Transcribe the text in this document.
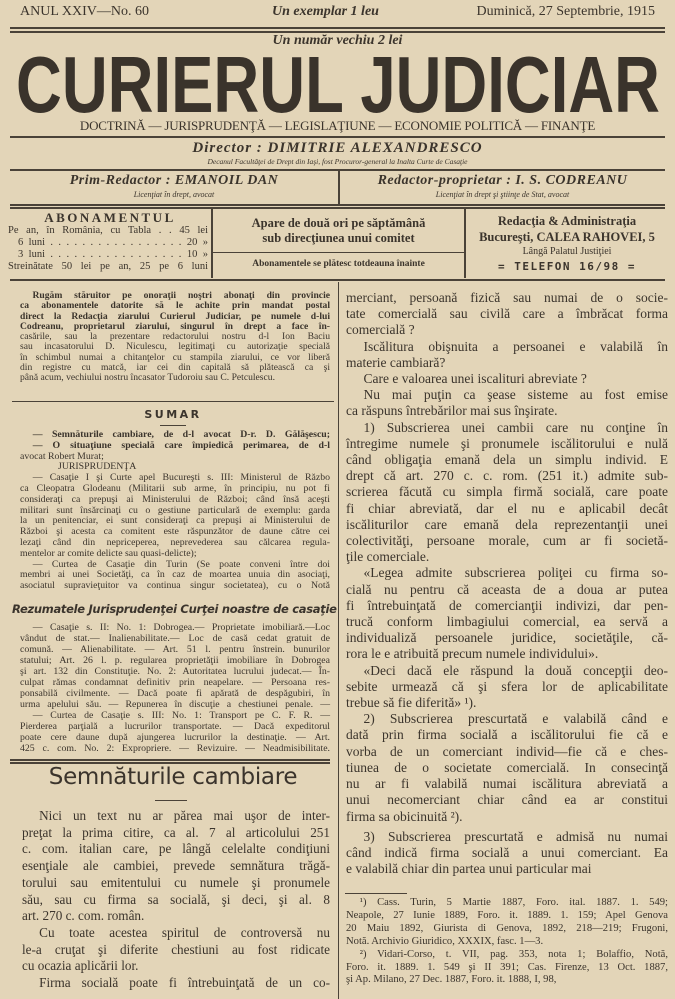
ANUL XXIV—No. 60	Un exemplar 1 leu	Duminică, 27 Septembrie, 1915
Un număr vechiu 2 lei
CURIERUL JUDICIAR
DOCTRINĂ — JURISPRUDENŢĂ — LEGISLAŢIUNE — ECONOMIE POLITICĂ — FINANŢE
Director : DIMITRIE ALEXANDRESCO
Decanul Facultăţei de Drept din Iaşi, fost Procuror-general la Inalta Curte de Casaţie
Prim-Redactor : EMANOIL DAN
Licenţiat în drept, avocat
Redactor-proprietar : I. S. CODREANU
Licenţiat în drept şi ştiinţe de Stat, avocat
ABONAMENTUL
Pe an, în România, cu Tabla . . 45 lei
6 luni . . . . . . . . . . . . . . . . . 20 »
3 luni . . . . . . . . . . . . . . . . . 10 »
Streinătate 50 lei pe an, 25 pe 6 luni
Apare de două ori pe săptămână
sub direcţiunea unui comitet
Abonamentele se plătesc totdeauna înainte
Redacţia & Administraţia
Bucureşti, CALEA RAHOVEI, 5
Lângă Palatul Justiţiei
= TELEFON 16/98 =
Rugăm stăruitor pe onoraţii noştri abonaţi din provincie
ca abonamentele datorite să le achite prin mandat postal
direct la Redacţia ziarului Curierul Judiciar, pe numele d-lui
Codreanu, proprietarul ziarului, singurul în drept a face în-
casările, sau la prezentare redactorului nostru d-l Ion Baciu
sau incasatorului D. Niculescu, legitimaţi cu autorizaţie specială
în schimbul numai a chitanţelor cu stampila ziarului, ce vor liberă
din registre cu matcă, iar cei din capitală să plătească ca şi
până acum, vechiului nostru încasator Tudoroiu sau C. Petculescu.
SUMAR
— Semnăturile cambiare, de d-l avocat D-r. D. Gălăşescu;
— O situaţiune specială care împiedică perimarea, de d-l
avocat Robert Murat;
JURISPRUDENŢA
— Casaţie I şi Curte apel Bucureşti s. III: Ministerul de Războ
ca Cleopatra Glodeanu (Militarii sub arme, în principiu, nu pot fi
consideraţi ca prepuşi ai Ministerului de Război; când însă aceşti
militari sunt însărcinaţi cu o gestiune particulară de exemplu: garda
la un penitenciar, ei sunt consideraţi ca prepuşi ai Ministerului de
Război şi acesta ca comitent este răspunzător de daune către cei
lezaţi când din nepriceperea, neprevederea sau călcarea regula-
mentelor ar comite delicte sau quasi-delicte);
— Curtea de Casaţie din Turin (Se poate conveni între doi
membri ai unei Societăţi, ca în caz de moartea unuia din asociaţi,
asociatul supravieţuitor va continua singur societatea), cu o Notă
Rezumatele Jurisprudenţei Curţei noastre de casaţie
— Casaţie s. II: No. 1: Dobrogea.— Proprietate imobiliară.—Loc
vândut de stat.— Inalienabilitate.— Loc de casă cedat gratuit de
comună. — Alienabilitate. — Art. 51 l. pentru înstrein. bunurilor
statului; Art. 26 l. p. regularea proprietăţii imobiliare în Dobrogea
şi art. 132 din Constituţie. No. 2: Autoritatea lucrului judecat.— În-
culpat rămas condamnat definitiv prin neapelare. — Persoana res-
ponsabilă civilmente. — Dacă poate fi apărată de despăgubiri, în
urma apelului său. — Repunerea în discuţie a chestiunei penale. —
— Curtea de Casaţie s. III: No. 1: Transport pe C. F. R. —
Pierderea parţială a lucrurilor transportate. — Dacă expeditorul
poate cere daune după ajungerea lucrurilor la destinaţie. — Art.
425 c. com. No. 2: Expropriere. — Revizuire. — Neadmisibilitate.
Semnăturile cambiare
Nici un text nu ar părea mai uşor de inter-
preţat la prima citire, ca al. 7 al articolului 251
c. com. italian care, pe lângă celelalte condiţiuni
esenţiale ale cambiei, prevede semnătura trăgă-
torului sau emitentului cu numele şi pronumele
său, sau cu firma sa socială, şi deci, şi al. 8
art. 270 c. com. român.
Cu toate acestea spiritul de controversă nu
le-a cruţat şi diferite chestiuni au fost ridicate
cu ocazia aplicării lor.
Firma socială poate fi întrebuinţată de un co-
merciant, persoană fizică sau numai de o socie-
tate comercială sau civilă care a îmbrăcat forma
comercială ?
Iscălitura obişnuita a persoanei e valabilă în
materie cambiară?
Care e valoarea unei iscalituri abreviate ?
Nu mai puţin ca şease sisteme au fost emise
ca răspuns întrebărilor mai sus înşirate.
1) Subscrierea unei cambii care nu conţine în
întregime numele şi pronumele iscălitorului e nulă
când obligaţia emană dela un simplu individ. E
drept că art. 270 c. c. rom. (251 it.) admite sub-
scrierea făcută cu simpla firmă socială, care poate
fi chiar abreviată, dar el nu e aplicabil decât
iscăliturilor care emană dela reprezentanţii unei
colectivităţi, persoane morale, cum ar fi societă-
ţile comerciale.
«Legea admite subscrierea poliţei cu firma so-
cială nu pentru că aceasta de a doua ar putea
fi întrebuinţată de comercianţii indivizi, dar pen-
trucă conform limbagiului comercial, ea servă a
individualiză persoanele juridice, societăţile, că-
rora le e atribuită precum numele individului».
«Deci dacă ele răspund la două concepţii deo-
sebite urmează că şi sfera lor de aplicabilitate
trebue să fie diferită» ¹).
2) Subscrierea prescurtată e valabilă când e
dată prin firma socială a iscălitorului fie că e
vorba de un comerciant individ—fie că e ches-
tiunea de o societate comercială. In consecinţă
nu ar fi valabilă numai iscălitura abreviată a
unui necomerciant chiar când ea ar constitui
firma sa obicinuită ²).
3) Subscrierea prescurtată e admisă nu numai
când indică firma socială a unui comerciant. Ea
e valabilă chiar din partea unui particular mai
¹) Cass. Turin, 5 Martie 1887, Foro. ital. 1887. 1. 549;
Neapole, 27 Iunie 1889, Foro. it. 1889. 1. 159; Apel Genova
20 Maiu 1892, Giurista di Genova, 1892, 218—219; Frugoni,
Notă. Archivio Giuridico, XXXIX, fasc. 1—3.
²) Vidari-Corso, t. VII, pag. 353, nota 1; Bolaffio, Notă,
Foro. it. 1889. 1. 549 şi II 391; Cas. Firenze, 13 Oct. 1887,
şi Ap. Milano, 27 Dec. 1887, Foro. it. 1888, I, 98,
